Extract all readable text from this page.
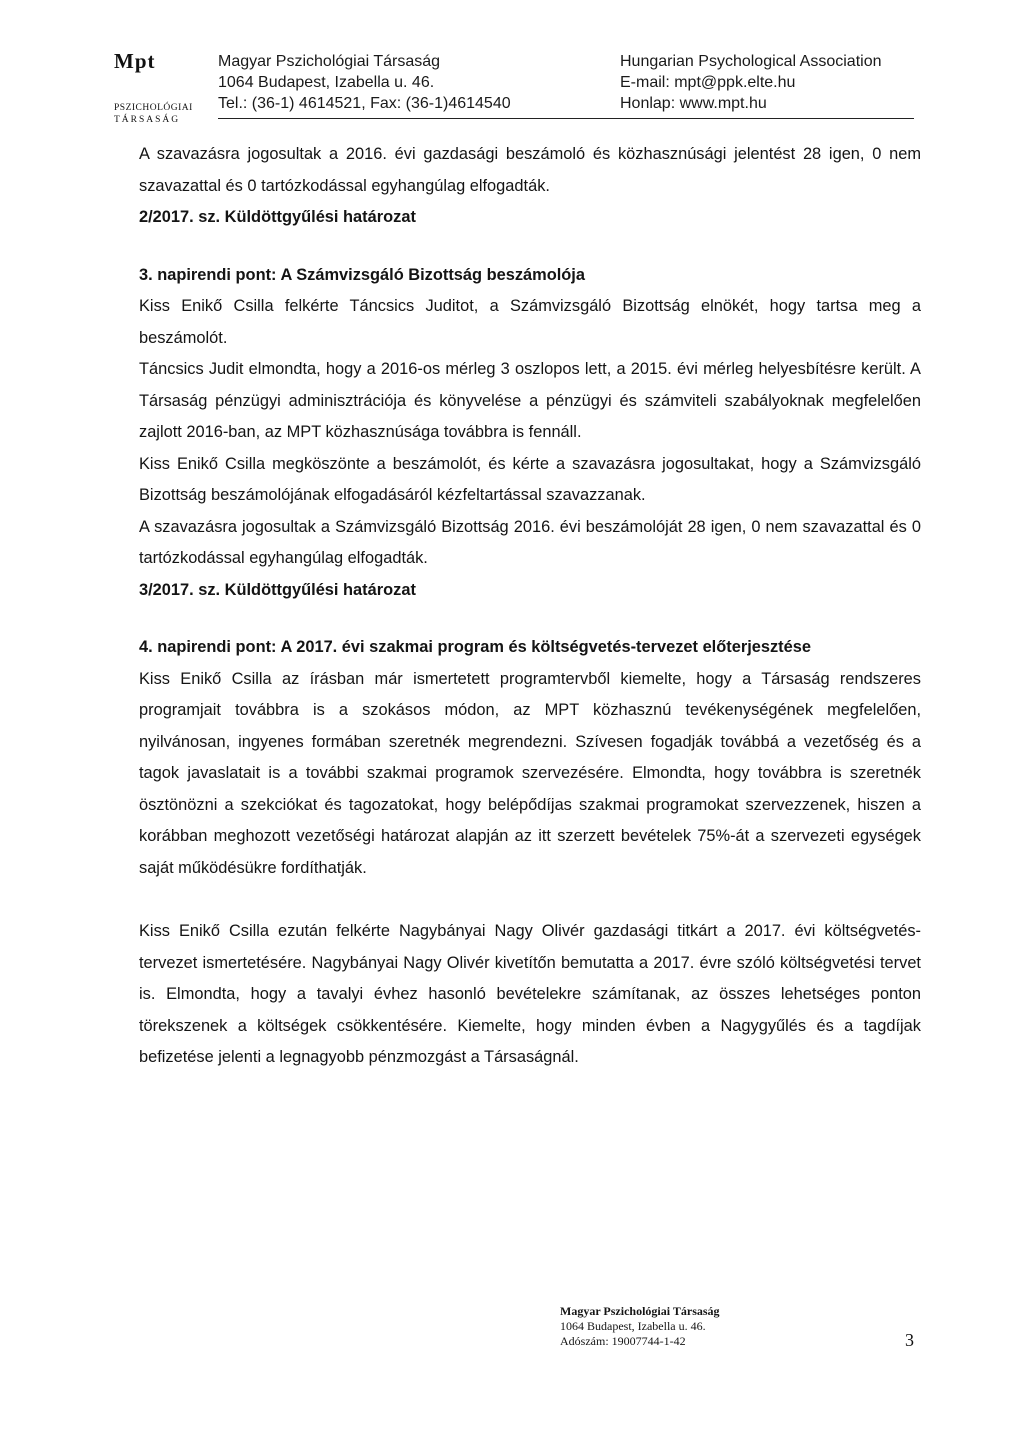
Mpt
PSZICHOLÓGIAI
TÁRSASÁG
Magyar Pszichológiai Társaság
1064 Budapest, Izabella u. 46.
Tel.: (36-1) 4614521, Fax: (36-1)4614540
Hungarian Psychological Association
E-mail: mpt@ppk.elte.hu
Honlap: www.mpt.hu

A szavazásra jogosultak a 2016. évi gazdasági beszámoló és közhasznúsági jelentést 28 igen, 0 nem szavazattal és 0 tartózkodással egyhangúlag elfogadták.

2/2017. sz. Küldöttgyűlési határozat

3. napirendi pont: A Számvizsgáló Bizottság beszámolója

Kiss Enikő Csilla felkérte Táncsics Juditot, a Számvizsgáló Bizottság elnökét, hogy tartsa meg a beszámolót.

Táncsics Judit elmondta, hogy a 2016-os mérleg 3 oszlopos lett, a 2015. évi mérleg helyesbítésre került. A Társaság pénzügyi adminisztrációja és könyvelése a pénzügyi és számviteli szabályoknak megfelelően zajlott 2016-ban, az MPT közhasznúsága továbbra is fennáll.

Kiss Enikő Csilla megköszönte a beszámolót, és kérte a szavazásra jogosultakat, hogy a Számvizsgáló Bizottság beszámolójának elfogadásáról kézfeltartással szavazzanak.

A szavazásra jogosultak a Számvizsgáló Bizottság 2016. évi beszámolóját 28 igen, 0 nem szavazattal és 0 tartózkodással egyhangúlag elfogadták.

3/2017. sz. Küldöttgyűlési határozat

4. napirendi pont: A 2017. évi szakmai program és költségvetés-tervezet előterjesztése

Kiss Enikő Csilla az írásban már ismertetett programtervből kiemelte, hogy a Társaság rendszeres programjait továbbra is a szokásos módon, az MPT közhasznú tevékenységének megfelelően, nyilvánosan, ingyenes formában szeretnék megrendezni. Szívesen fogadják továbbá a vezetőség és a tagok javaslatait is a további szakmai programok szervezésére. Elmondta, hogy továbbra is szeretnék ösztönözni a szekciókat és tagozatokat, hogy belépődíjas szakmai programokat szervezzenek, hiszen a korábban meghozott vezetőségi határozat alapján az itt szerzett bevételek 75%-át a szervezeti egységek saját működésükre fordíthatják.

Kiss Enikő Csilla ezután felkérte Nagybányai Nagy Olivér gazdasági titkárt a 2017. évi költségvetés-tervezet ismertetésére. Nagybányai Nagy Olivér kivetítőn bemutatta a 2017. évre szóló költségvetési tervet is. Elmondta, hogy a tavalyi évhez hasonló bevételekre számítanak, az összes lehetséges ponton törekszenek a költségek csökkentésére. Kiemelte, hogy minden évben a Nagygyűlés és a tagdíjak befizetése jelenti a legnagyobb pénzmozgást a Társaságnál.

Magyar Pszichológiai Társaság
1064 Budapest, Izabella u. 46.
Adószám: 19007744-1-42	3
